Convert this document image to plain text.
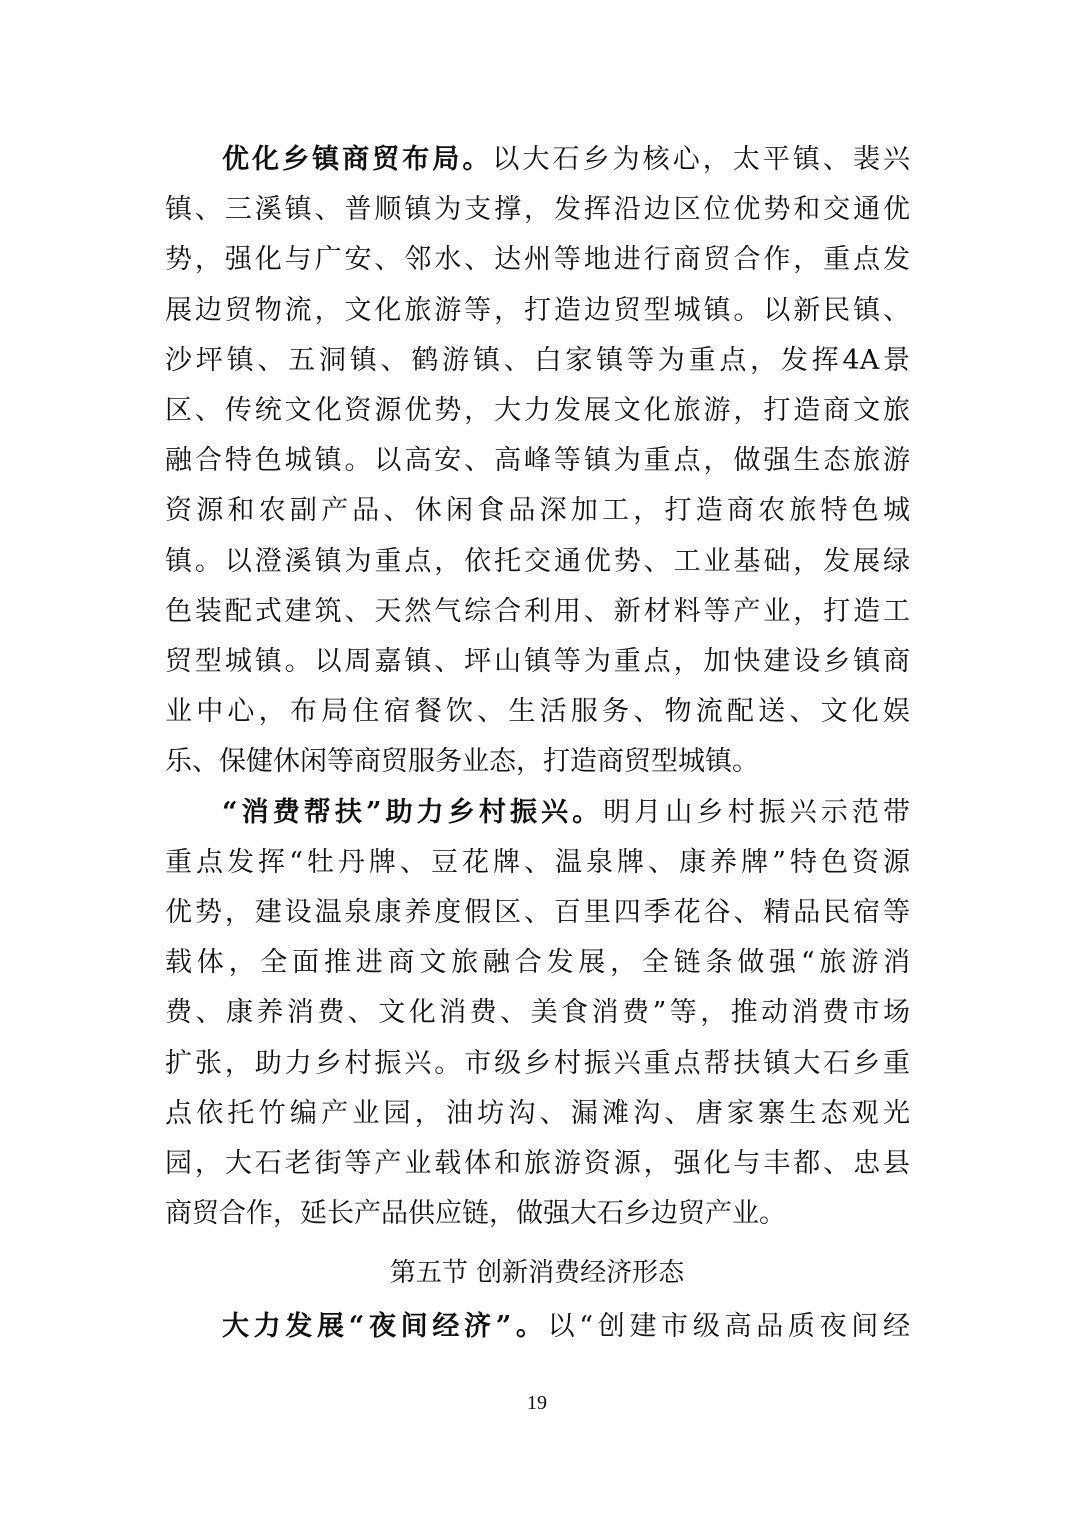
优化乡镇商贸布局。以大石乡为核心，太平镇、裴兴
镇、三溪镇、普顺镇为支撑，发挥沿边区位优势和交通优
势，强化与广安、邻水、达州等地进行商贸合作，重点发
展边贸物流，文化旅游等，打造边贸型城镇。以新民镇、
沙坪镇、五洞镇、鹤游镇、白家镇等为重点，发挥4A景
区、传统文化资源优势，大力发展文化旅游，打造商文旅
融合特色城镇。以高安、高峰等镇为重点，做强生态旅游
资源和农副产品、休闲食品深加工，打造商农旅特色城
镇。以澄溪镇为重点，依托交通优势、工业基础，发展绿
色装配式建筑、天然气综合利用、新材料等产业，打造工
贸型城镇。以周嘉镇、坪山镇等为重点，加快建设乡镇商
业中心，布局住宿餐饮、生活服务、物流配送、文化娱
乐、保健休闲等商贸服务业态，打造商贸型城镇。
“消费帮扶”助力乡村振兴。明月山乡村振兴示范带
重点发挥“牡丹牌、豆花牌、温泉牌、康养牌”特色资源
优势，建设温泉康养度假区、百里四季花谷、精品民宿等
载体，全面推进商文旅融合发展，全链条做强“旅游消
费、康养消费、文化消费、美食消费”等，推动消费市场
扩张，助力乡村振兴。市级乡村振兴重点帮扶镇大石乡重
点依托竹编产业园，油坊沟、漏滩沟、唐家寨生态观光
园，大石老街等产业载体和旅游资源，强化与丰都、忠县
商贸合作，延长产品供应链，做强大石乡边贸产业。
第五节 创新消费经济形态
大力发展“夜间经济”。以“创建市级高品质夜间经
19
